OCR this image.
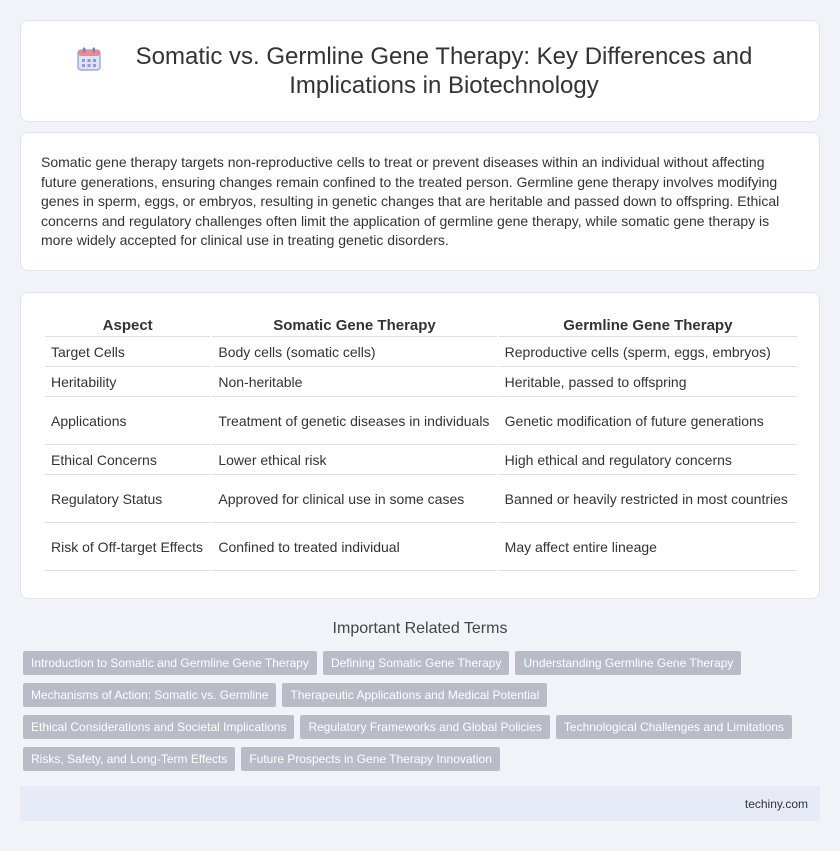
Somatic vs. Germline Gene Therapy: Key Differences and Implications in Biotechnology

Somatic gene therapy targets non-reproductive cells to treat or prevent diseases within an individual without affecting future generations, ensuring changes remain confined to the treated person. Germline gene therapy involves modifying genes in sperm, eggs, or embryos, resulting in genetic changes that are heritable and passed down to offspring. Ethical concerns and regulatory challenges often limit the application of germline gene therapy, while somatic gene therapy is more widely accepted for clinical use in treating genetic disorders.

Aspect	Somatic Gene Therapy	Germline Gene Therapy
Target Cells	Body cells (somatic cells)	Reproductive cells (sperm, eggs, embryos)
Heritability	Non-heritable	Heritable, passed to offspring
Applications	Treatment of genetic diseases in individuals	Genetic modification of future generations
Ethical Concerns	Lower ethical risk	High ethical and regulatory concerns
Regulatory Status	Approved for clinical use in some cases	Banned or heavily restricted in most countries
Risk of Off-target Effects	Confined to treated individual	May affect entire lineage
Important Related Terms
Introduction to Somatic and Germline Gene Therapy	Defining Somatic Gene Therapy	Understanding Germline Gene Therapy
Mechanisms of Action: Somatic vs. Germline	Therapeutic Applications and Medical Potential
Ethical Considerations and Societal Implications	Regulatory Frameworks and Global Policies	Technological Challenges and Limitations
Risks, Safety, and Long-Term Effects	Future Prospects in Gene Therapy Innovation
techiny.com
